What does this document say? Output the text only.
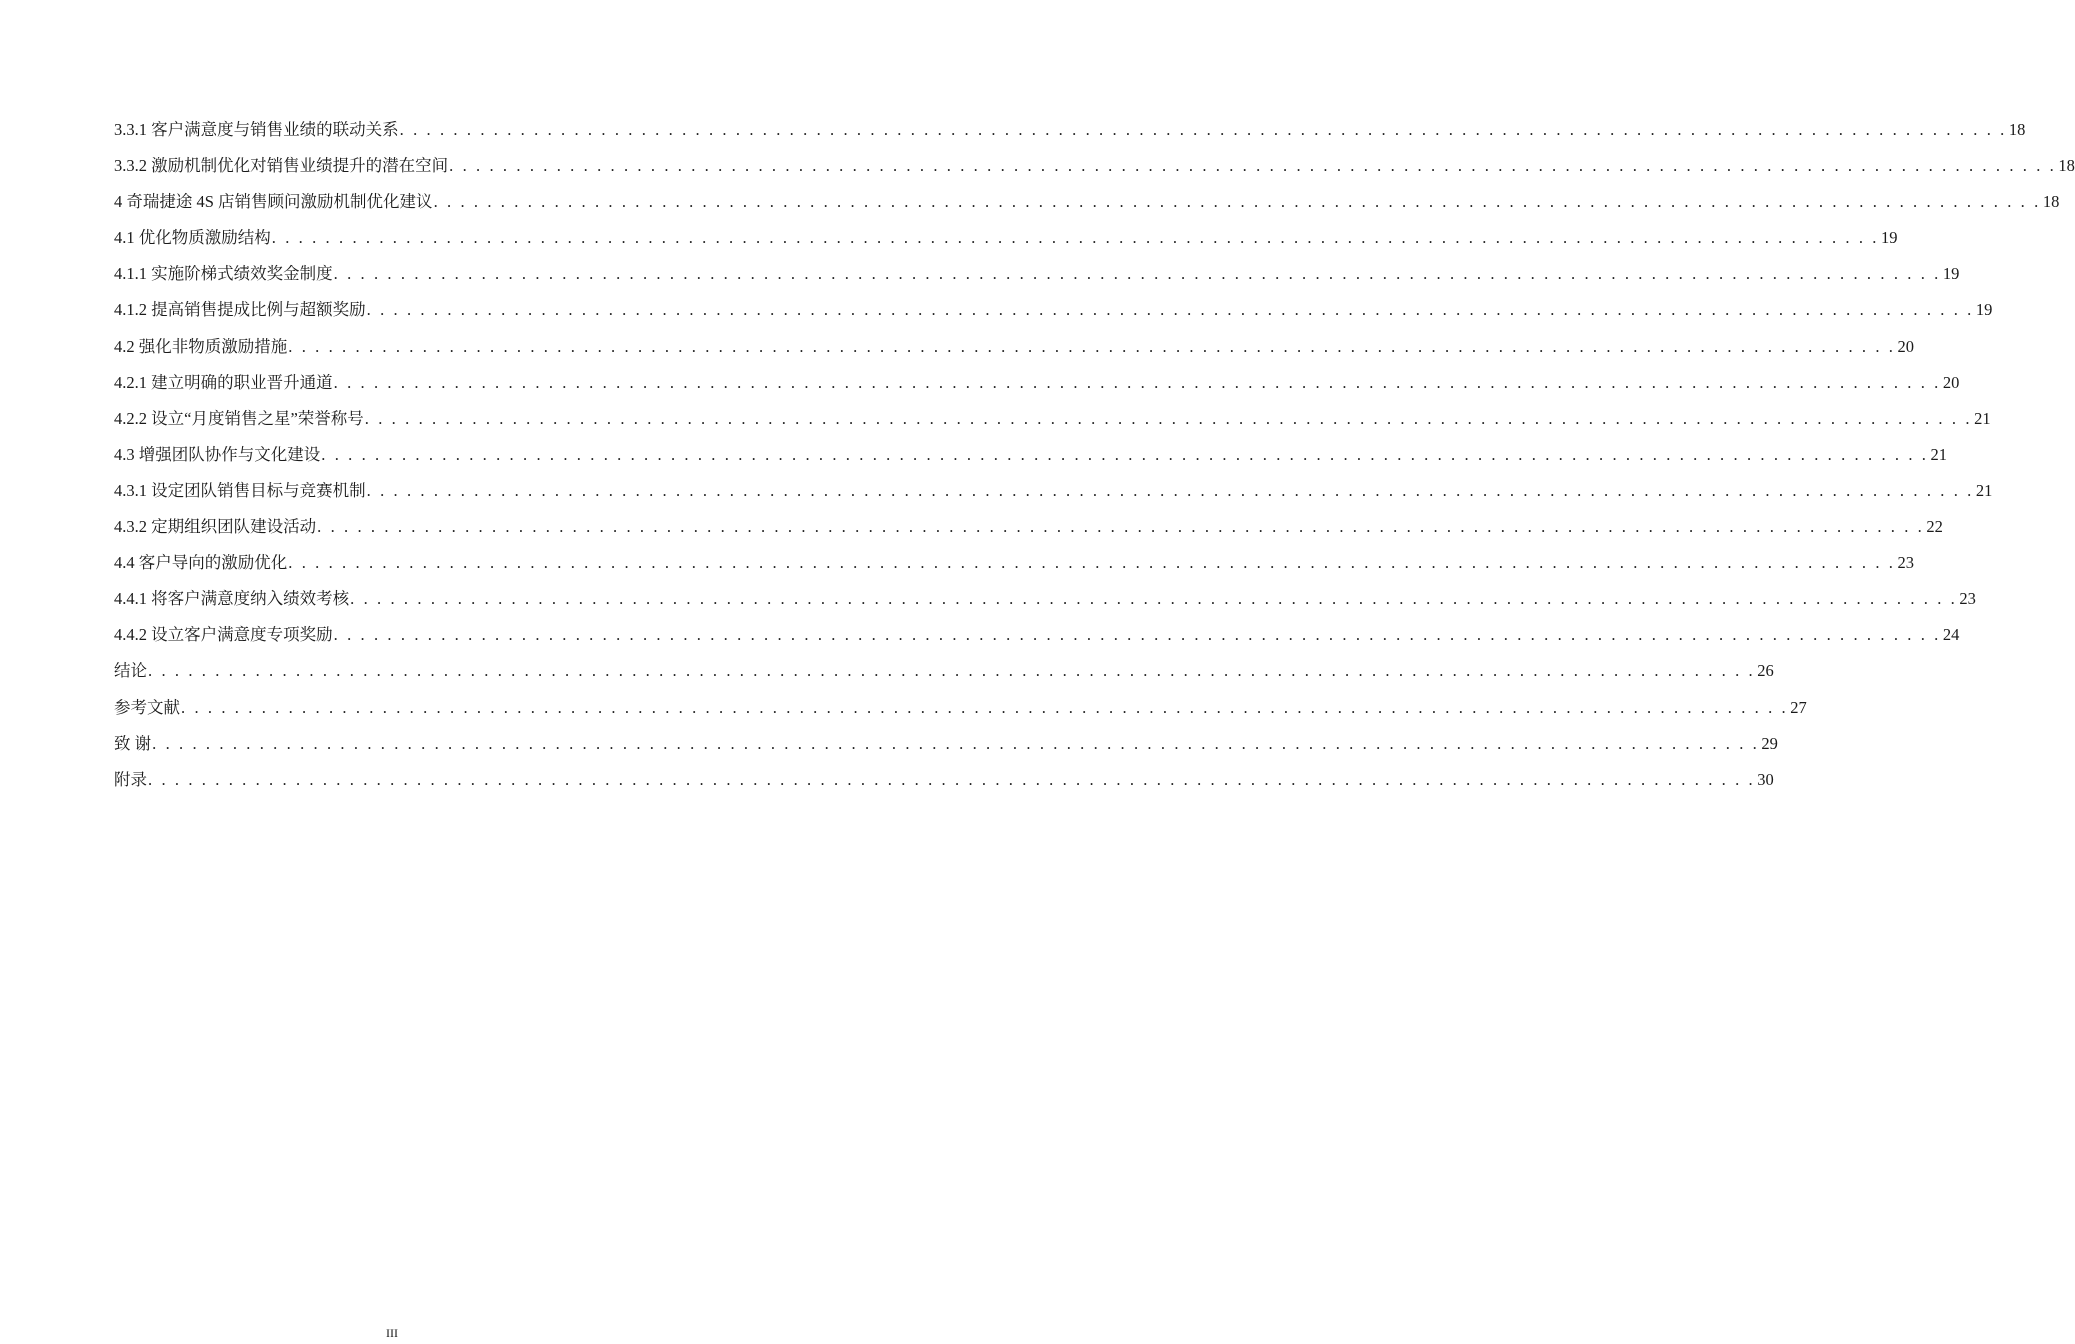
3.3.1 客户满意度与销售业绩的联动关系 . . . . . . . . . . . . . . . . . . . . . . . . . . . . . . . . . . . . . . . . . . . . . . . . . . . . . . . . . . . . . . . . . . . . . . . . . . . . . . . . . . . . . . . . . . . . . . . . . . . . . . . . . . . . . . . . . . . . . . . . 18
3.3.2 激励机制优化对销售业绩提升的潜在空间 . . . . . . . . . . . . . . . . . . . . . . . . . . . . . . . . . . . . . . . . . . . . . . . . . . . . . . . . . . . . . . . . . . . . . . . . . . . . . . . . . . . . . . . . . . . . . . . . . . . . . . . . . . . . . . . . . . . . . . . . 18
4 奇瑞捷途 4S 店销售顾问激励机制优化建议 . . . . . . . . . . . . . . . . . . . . . . . . . . . . . . . . . . . . . . . . . . . . . . . . . . . . . . . . . . . . . . . . . . . . . . . . . . . . . . . . . . . . . . . . . . . . . . . . . . . . . . . . . . . . . . . . . . . . . . . . 18
4.1 优化物质激励结构 . . . . . . . . . . . . . . . . . . . . . . . . . . . . . . . . . . . . . . . . . . . . . . . . . . . . . . . . . . . . . . . . . . . . . . . . . . . . . . . . . . . . . . . . . . . . . . . . . . . . . . . . . . . . . . . . . . . . . . . . 19
4.1.1 实施阶梯式绩效奖金制度 . . . . . . . . . . . . . . . . . . . . . . . . . . . . . . . . . . . . . . . . . . . . . . . . . . . . . . . . . . . . . . . . . . . . . . . . . . . . . . . . . . . . . . . . . . . . . . . . . . . . . . . . . . . . . . . . . . . . . . . . 19
4.1.2 提高销售提成比例与超额奖励 . . . . . . . . . . . . . . . . . . . . . . . . . . . . . . . . . . . . . . . . . . . . . . . . . . . . . . . . . . . . . . . . . . . . . . . . . . . . . . . . . . . . . . . . . . . . . . . . . . . . . . . . . . . . . . . . . . . . . . . . 19
4.2 强化非物质激励措施 . . . . . . . . . . . . . . . . . . . . . . . . . . . . . . . . . . . . . . . . . . . . . . . . . . . . . . . . . . . . . . . . . . . . . . . . . . . . . . . . . . . . . . . . . . . . . . . . . . . . . . . . . . . . . . . . . . . . . . . . 20
4.2.1 建立明确的职业晋升通道 . . . . . . . . . . . . . . . . . . . . . . . . . . . . . . . . . . . . . . . . . . . . . . . . . . . . . . . . . . . . . . . . . . . . . . . . . . . . . . . . . . . . . . . . . . . . . . . . . . . . . . . . . . . . . . . . . . . . . . . . 20
4.2.2 设立“月度销售之星”荣誉称号 . . . . . . . . . . . . . . . . . . . . . . . . . . . . . . . . . . . . . . . . . . . . . . . . . . . . . . . . . . . . . . . . . . . . . . . . . . . . . . . . . . . . . . . . . . . . . . . . . . . . . . . . . . . . . . . . . . . . . . . . 21
4.3 增强团队协作与文化建设 . . . . . . . . . . . . . . . . . . . . . . . . . . . . . . . . . . . . . . . . . . . . . . . . . . . . . . . . . . . . . . . . . . . . . . . . . . . . . . . . . . . . . . . . . . . . . . . . . . . . . . . . . . . . . . . . . . . . . . . . 21
4.3.1 设定团队销售目标与竞赛机制 . . . . . . . . . . . . . . . . . . . . . . . . . . . . . . . . . . . . . . . . . . . . . . . . . . . . . . . . . . . . . . . . . . . . . . . . . . . . . . . . . . . . . . . . . . . . . . . . . . . . . . . . . . . . . . . . . . . . . . . . 21
4.3.2 定期组织团队建设活动 . . . . . . . . . . . . . . . . . . . . . . . . . . . . . . . . . . . . . . . . . . . . . . . . . . . . . . . . . . . . . . . . . . . . . . . . . . . . . . . . . . . . . . . . . . . . . . . . . . . . . . . . . . . . . . . . . . . . . . . . 22
4.4 客户导向的激励优化 . . . . . . . . . . . . . . . . . . . . . . . . . . . . . . . . . . . . . . . . . . . . . . . . . . . . . . . . . . . . . . . . . . . . . . . . . . . . . . . . . . . . . . . . . . . . . . . . . . . . . . . . . . . . . . . . . . . . . . . . 23
4.4.1 将客户满意度纳入绩效考核 . . . . . . . . . . . . . . . . . . . . . . . . . . . . . . . . . . . . . . . . . . . . . . . . . . . . . . . . . . . . . . . . . . . . . . . . . . . . . . . . . . . . . . . . . . . . . . . . . . . . . . . . . . . . . . . . . . . . . . . . 23
4.4.2 设立客户满意度专项奖励 . . . . . . . . . . . . . . . . . . . . . . . . . . . . . . . . . . . . . . . . . . . . . . . . . . . . . . . . . . . . . . . . . . . . . . . . . . . . . . . . . . . . . . . . . . . . . . . . . . . . . . . . . . . . . . . . . . . . . . . . 24
结论 . . . . . . . . . . . . . . . . . . . . . . . . . . . . . . . . . . . . . . . . . . . . . . . . . . . . . . . . . . . . . . . . . . . . . . . . . . . . . . . . . . . . . . . . . . . . . . . . . . . . . . . . . . . . . . . . . . . . . . . . 26
参考文献 . . . . . . . . . . . . . . . . . . . . . . . . . . . . . . . . . . . . . . . . . . . . . . . . . . . . . . . . . . . . . . . . . . . . . . . . . . . . . . . . . . . . . . . . . . . . . . . . . . . . . . . . . . . . . . . . . . . . . . . . 27
致 谢 . . . . . . . . . . . . . . . . . . . . . . . . . . . . . . . . . . . . . . . . . . . . . . . . . . . . . . . . . . . . . . . . . . . . . . . . . . . . . . . . . . . . . . . . . . . . . . . . . . . . . . . . . . . . . . . . . . . . . . . . 29
附录 . . . . . . . . . . . . . . . . . . . . . . . . . . . . . . . . . . . . . . . . . . . . . . . . . . . . . . . . . . . . . . . . . . . . . . . . . . . . . . . . . . . . . . . . . . . . . . . . . . . . . . . . . . . . . . . . . . . . . . . . 30
III
